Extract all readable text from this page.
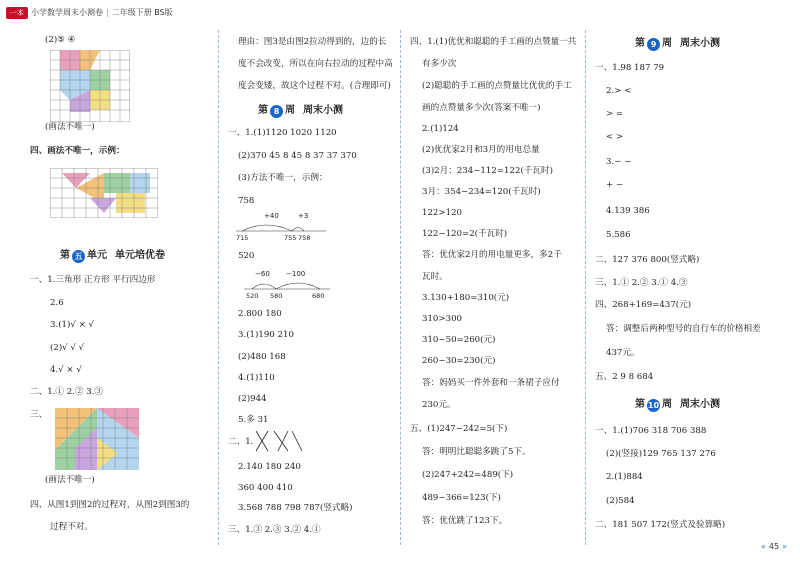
一本 小学数学周末小测卷 | 二年级下册 BS版
(2)⑤ ④
(画法不唯一)
四、画法不唯一，示例：
第 五 单元 单元培优卷
一、1.三角形 正方形 平行四边形
2.6
3.(1)√ × √
(2)√ √ √
4.√ × √
二、1.① 2.② 3.③
三、
(画法不唯一)
四、从图1到图2的过程对，从图2到图3的
过程不对。
理由：图3是由图2拉动得到的，边的长
度不会改变，所以在向右拉动的过程中高
度会变矮，故这个过程不对。(合理即可)
第 8 周 周末小测
一、1.(1)1120 1020 1120
(2)370 45 8 45 8 37 37 370
(3)方法不唯一，示例：
758
+40	+3
715	755 758
520
−60 −100
520 580	680
2.800 180
3.(1)190 210
(2)480 168
4.(1)110
(2)944
5.多 31
二、1.
2.140 180 240
360 400 410
3.568 788 798 787(竖式略)
三、1.③ 2.③ 3.② 4.①
四、1.(1)优优和聪聪的手工画的点赞量一共
有多少次
(2)聪聪的手工画的点赞量比优优的手工
画的点赞量多少次(答案不唯一)
2.(1)124
(2)优优家2月和3月的用电总量
(3)2月：234−112=122(千瓦时)
3月：354−234=120(千瓦时)
122>120
122−120=2(千瓦时)
答：优优家2月的用电量更多，多2千
瓦时。
3.130+180=310(元)
310>300
310−50=260(元)
260−30=230(元)
答：妈妈买一件外套和一条裙子应付
230元。
五、(1)247−242=5(下)
答：明明比聪聪多跳了5下。
(2)247+242=489(下)
489−366=123(下)
答：优优跳了123下。
第 9 周 周末小测
一、1.98 187 79
2.> <
> =
< >
3.− −
+ −
4.139 386
5.586
二、127 376 800(竖式略)
三、1.① 2.② 3.① 4.③
四、268+169=437(元)
答：调整后两种型号的自行车的价格相差
437元。
五、2 9 8 684
第 10 周 周末小测
一、1.(1)706 318 706 388
(2)(竖接)129 765 137 276
2.(1)884
(2)584
二、181 507 172(竖式及验算略)
« 45 »
